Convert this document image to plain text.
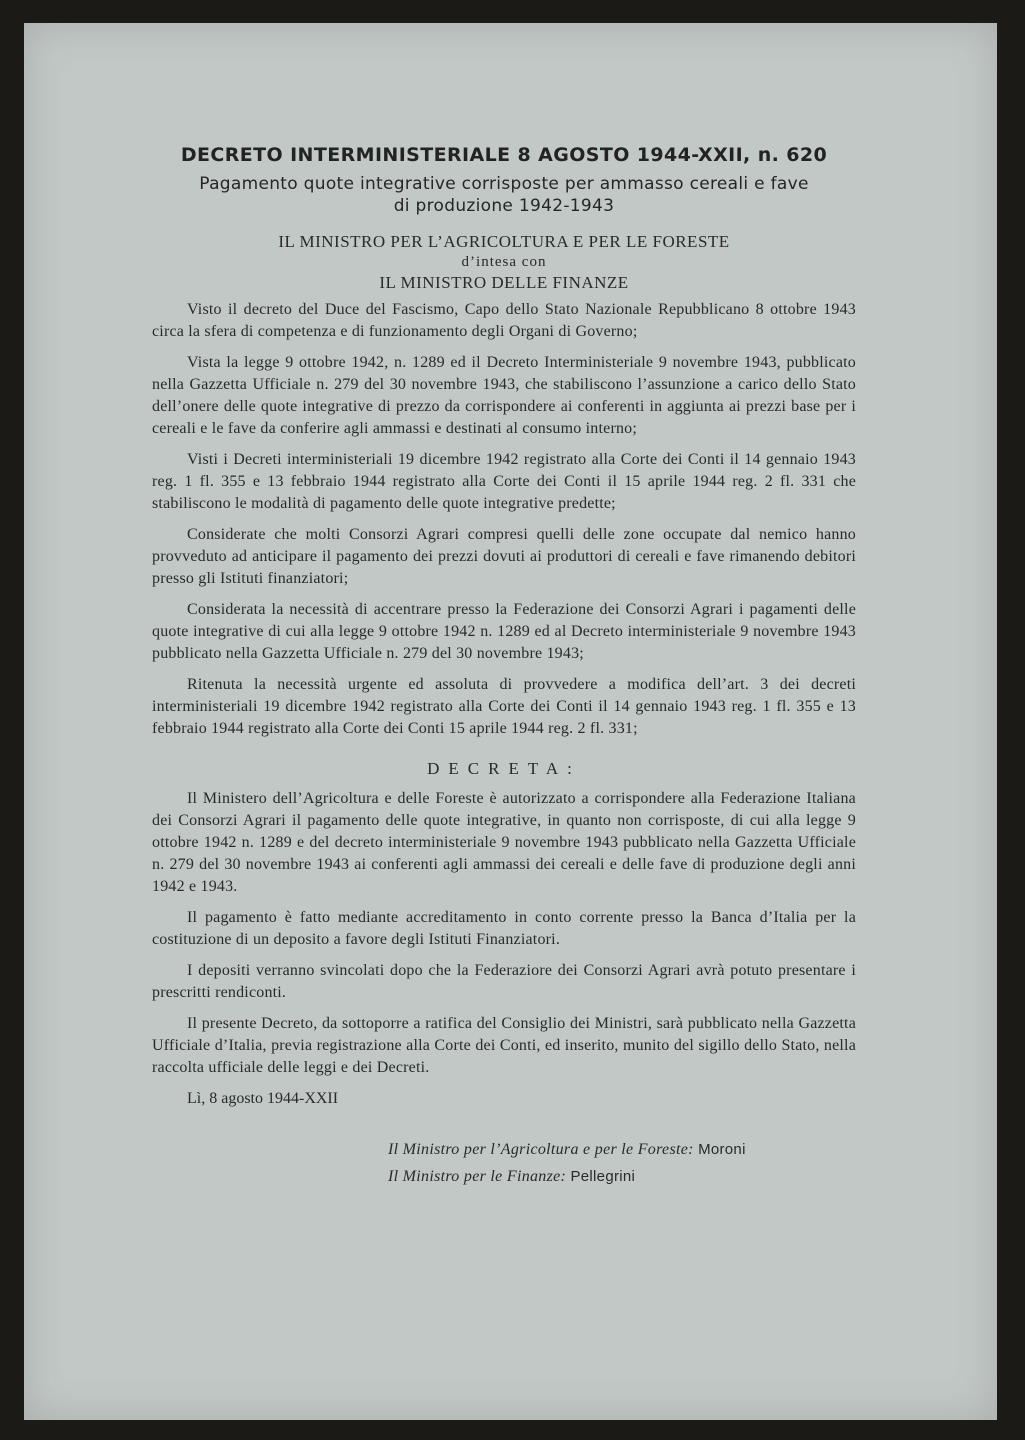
DECRETO INTERMINISTERIALE 8 AGOSTO 1944-XXII, n. 620

Pagamento quote integrative corrisposte per ammasso cereali e fave
di produzione 1942-1943

IL MINISTRO PER L’AGRICOLTURA E PER LE FORESTE

d’intesa con

IL MINISTRO DELLE FINANZE

Visto il decreto del Duce del Fascismo, Capo dello Stato Nazionale Repubblicano 8 ottobre 1943 circa la sfera di competenza e di funzionamento degli Organi di Governo;

Vista la legge 9 ottobre 1942, n. 1289 ed il Decreto Interministeriale 9 novembre 1943, pubblicato nella Gazzetta Ufficiale n. 279 del 30 novembre 1943, che stabiliscono l’assunzione a carico dello Stato dell’onere delle quote integrative di prezzo da corrispondere ai conferenti in aggiunta ai prezzi base per i cereali e le fave da conferire agli ammassi e destinati al consumo interno;

Visti i Decreti interministeriali 19 dicembre 1942 registrato alla Corte dei Conti il 14 gennaio 1943 reg. 1 fl. 355 e 13 febbraio 1944 registrato alla Corte dei Conti il 15 aprile 1944 reg. 2 fl. 331 che stabiliscono le modalità di pagamento delle quote integrative predette;

Considerate che molti Consorzi Agrari compresi quelli delle zone occupate dal nemico hanno provveduto ad anticipare il pagamento dei prezzi dovuti ai produttori di cereali e fave rimanendo debitori presso gli Istituti finanziatori;

Considerata la necessità di accentrare presso la Federazione dei Consorzi Agrari i pagamenti delle quote integrative di cui alla legge 9 ottobre 1942 n. 1289 ed al Decreto interministeriale 9 novembre 1943 pubblicato nella Gazzetta Ufficiale n. 279 del 30 novembre 1943;

Ritenuta la necessità urgente ed assoluta di provvedere a modifica dell’art. 3 dei decreti interministeriali 19 dicembre 1942 registrato alla Corte dei Conti il 14 gennaio 1943 reg. 1 fl. 355 e 13 febbraio 1944 registrato alla Corte dei Conti 15 aprile 1944 reg. 2 fl. 331;

DECRETA:

Il Ministero dell’Agricoltura e delle Foreste è autorizzato a corrispondere alla Federazione Italiana dei Consorzi Agrari il pagamento delle quote integrative, in quanto non corrisposte, di cui alla legge 9 ottobre 1942 n. 1289 e del decreto interministeriale 9 novembre 1943 pubblicato nella Gazzetta Ufficiale n. 279 del 30 novembre 1943 ai conferenti agli ammassi dei cereali e delle fave di produzione degli anni 1942 e 1943.

Il pagamento è fatto mediante accreditamento in conto corrente presso la Banca d’Italia per la costituzione di un deposito a favore degli Istituti Finanziatori.

I depositi verranno svincolati dopo che la Federaziore dei Consorzi Agrari avrà potuto presentare i prescritti rendiconti.

Il presente Decreto, da sottoporre a ratifica del Consiglio dei Ministri, sarà pubblicato nella Gazzetta Ufficiale d’Italia, previa registrazione alla Corte dei Conti, ed inserito, munito del sigillo dello Stato, nella raccolta ufficiale delle leggi e dei Decreti.

Lì, 8 agosto 1944-XXII

Il Ministro per l’Agricoltura e per le Foreste: Moroni
Il Ministro per le Finanze: Pellegrini
